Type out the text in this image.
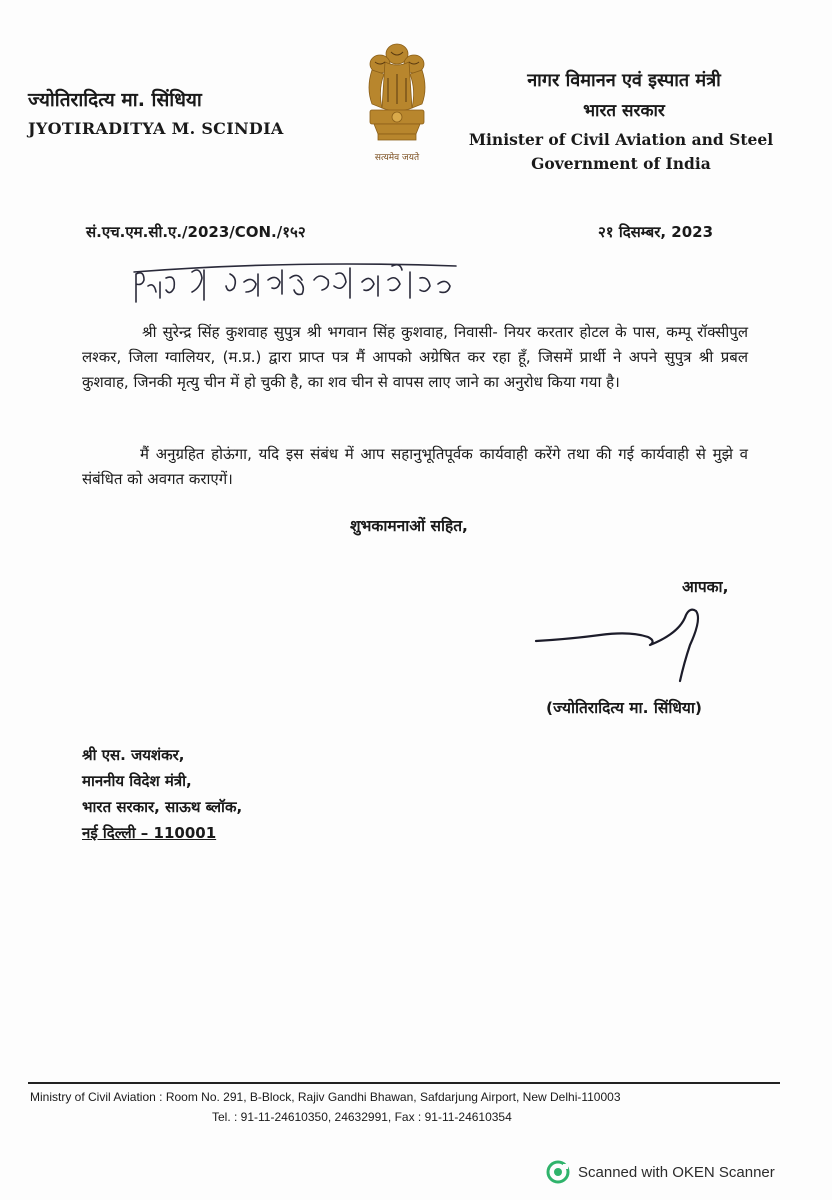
ज्योतिरादित्य मा. सिंधिया
JYOTIRADITYA M. SCINDIA
सत्यमेव जयते
नागर विमानन एवं इस्पात मंत्री
भारत सरकार
Minister of Civil Aviation and Steel
Government of India
सं.एच.एम.सी.ए./2023/CON./१५२	२१ दिसम्बर, 2023
श्री सुरेन्द्र सिंह कुशवाह सुपुत्र श्री भगवान सिंह कुशवाह, निवासी- नियर करतार होटल के पास, कम्पू रॉक्सीपुल लश्कर, जिला ग्वालियर, (म.प्र.) द्वारा प्राप्त पत्र मैं आपको अग्रेषित कर रहा हूँ, जिसमें प्रार्थी ने अपने सुपुत्र श्री प्रबल कुशवाह, जिनकी मृत्यु चीन में हो चुकी है, का शव चीन से वापस लाए जाने का अनुरोध किया गया है।
मैं अनुग्रहित होऊंगा, यदि इस संबंध में आप सहानुभूतिपूर्वक कार्यवाही करेंगे तथा की गई कार्यवाही से मुझे व संबंधित को अवगत कराएगें।
शुभकामनाओं सहित,
आपका,
(ज्योतिरादित्य मा. सिंधिया)
श्री एस. जयशंकर,
माननीय विदेश मंत्री,
भारत सरकार, साऊथ ब्लॉक,
नई दिल्ली – 110001
Ministry of Civil Aviation : Room No. 291, B-Block, Rajiv Gandhi Bhawan, Safdarjung Airport, New Delhi-110003
Tel. : 91-11-24610350, 24632991, Fax : 91-11-24610354
Scanned with OKEN Scanner
